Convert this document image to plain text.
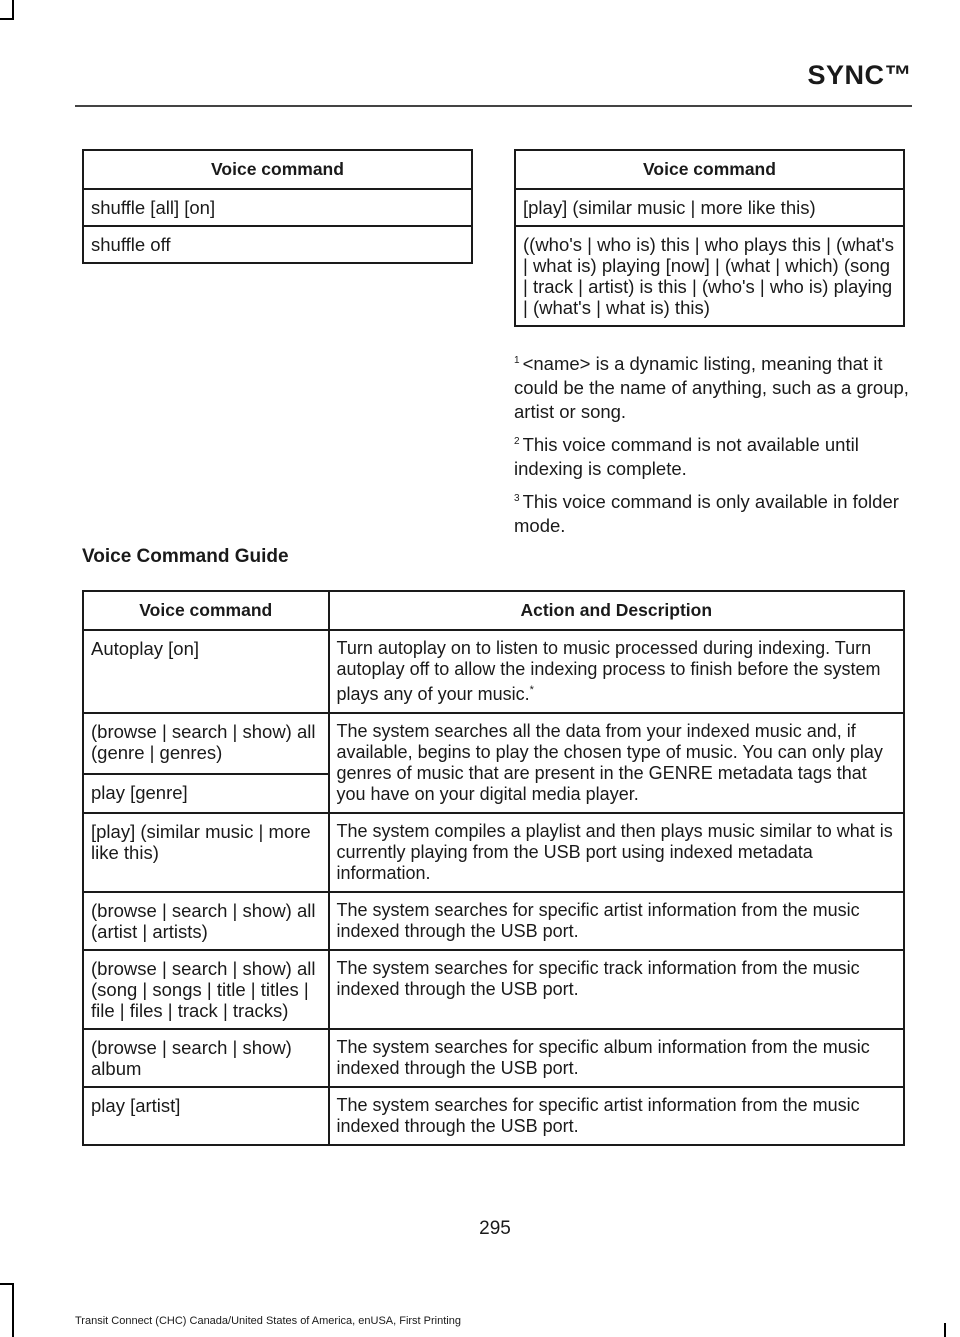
SYNC™
Voice command
shuffle [all] [on]
shuffle off
Voice command
[play] (similar music | more like this)
((who's | who is) this | who plays this | (what's | what is) playing [now] | (what | which) (song | track | artist) is this | (who's | who is) playing | (what's | what is) this)

$^1$ <name> is a dynamic listing, meaning that it could be the name of anything, such as a group, artist or song.

$^2$ This voice command is not available until indexing is complete.

$^3$ This voice command is only available in folder mode.

Voice Command Guide
Voice command	Action and Description
Autoplay [on]	Turn autoplay on to listen to music processed during indexing. Turn autoplay off to allow the indexing process to finish before the system plays any of your music.*
(browse | search | show) all (genre | genres)	The system searches all the data from your indexed music and, if available, begins to play the chosen type of music. You can only play genres of music that are present in the GENRE metadata tags that you have on your digital media player.
play [genre]	
[play] (similar music | more like this)	The system compiles a playlist and then plays music similar to what is currently playing from the USB port using indexed metadata information.
(browse | search | show) all (artist | artists)	The system searches for specific artist information from the music indexed through the USB port.
(browse | search | show) all (song | songs | title | titles | file | files | track | tracks)	The system searches for specific track information from the music indexed through the USB port.
(browse | search | show) album	The system searches for specific album information from the music indexed through the USB port.
play [artist]	The system searches for specific artist information from the music indexed through the USB port.
295
Transit Connect (CHC) Canada/United States of America, enUSA, First Printing
